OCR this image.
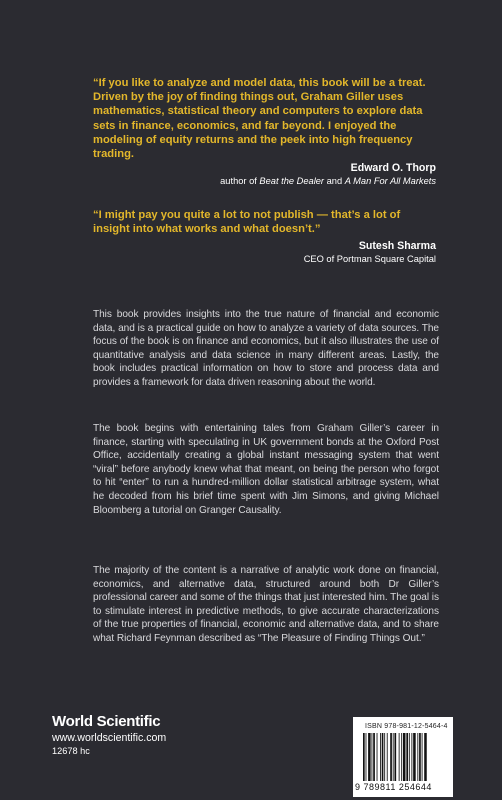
“If you like to analyze and model data, this book will be a treat. Driven by the joy of finding things out, Graham Giller uses mathematics, statistical theory and computers to explore data sets in finance, economics, and far beyond. I enjoyed the modeling of equity returns and the peek into high frequency trading.
Edward O. Thorp
author of Beat the Dealer and A Man For All Markets
“I might pay you quite a lot to not publish — that’s a lot of insight into what works and what doesn’t.”
Sutesh Sharma
CEO of Portman Square Capital
This book provides insights into the true nature of financial and economic data, and is a practical guide on how to analyze a variety of data sources. The focus of the book is on finance and economics, but it also illustrates the use of quantitative analysis and data science in many different areas. Lastly, the book includes practical information on how to store and process data and provides a framework for data driven reasoning about the world.
The book begins with entertaining tales from Graham Giller’s career in finance, starting with speculating in UK government bonds at the Oxford Post Office, accidentally creating a global instant messaging system that went “viral” before anybody knew what that meant, on being the person who forgot to hit “enter” to run a hundred-million dollar statistical arbitrage system, what he decoded from his brief time spent with Jim Simons, and giving Michael Bloomberg a tutorial on Granger Causality.
The majority of the content is a narrative of analytic work done on financial, economics, and alternative data, structured around both Dr Giller’s professional career and some of the things that just interested him. The goal is to stimulate interest in predictive methods, to give accurate characterizations of the true properties of financial, economic and alternative data, and to share what Richard Feynman described as “The Pleasure of Finding Things Out.”
World Scientific
www.worldscientific.com
12678 hc
ISBN 978-981-12-5464-4
9 789811 254644
